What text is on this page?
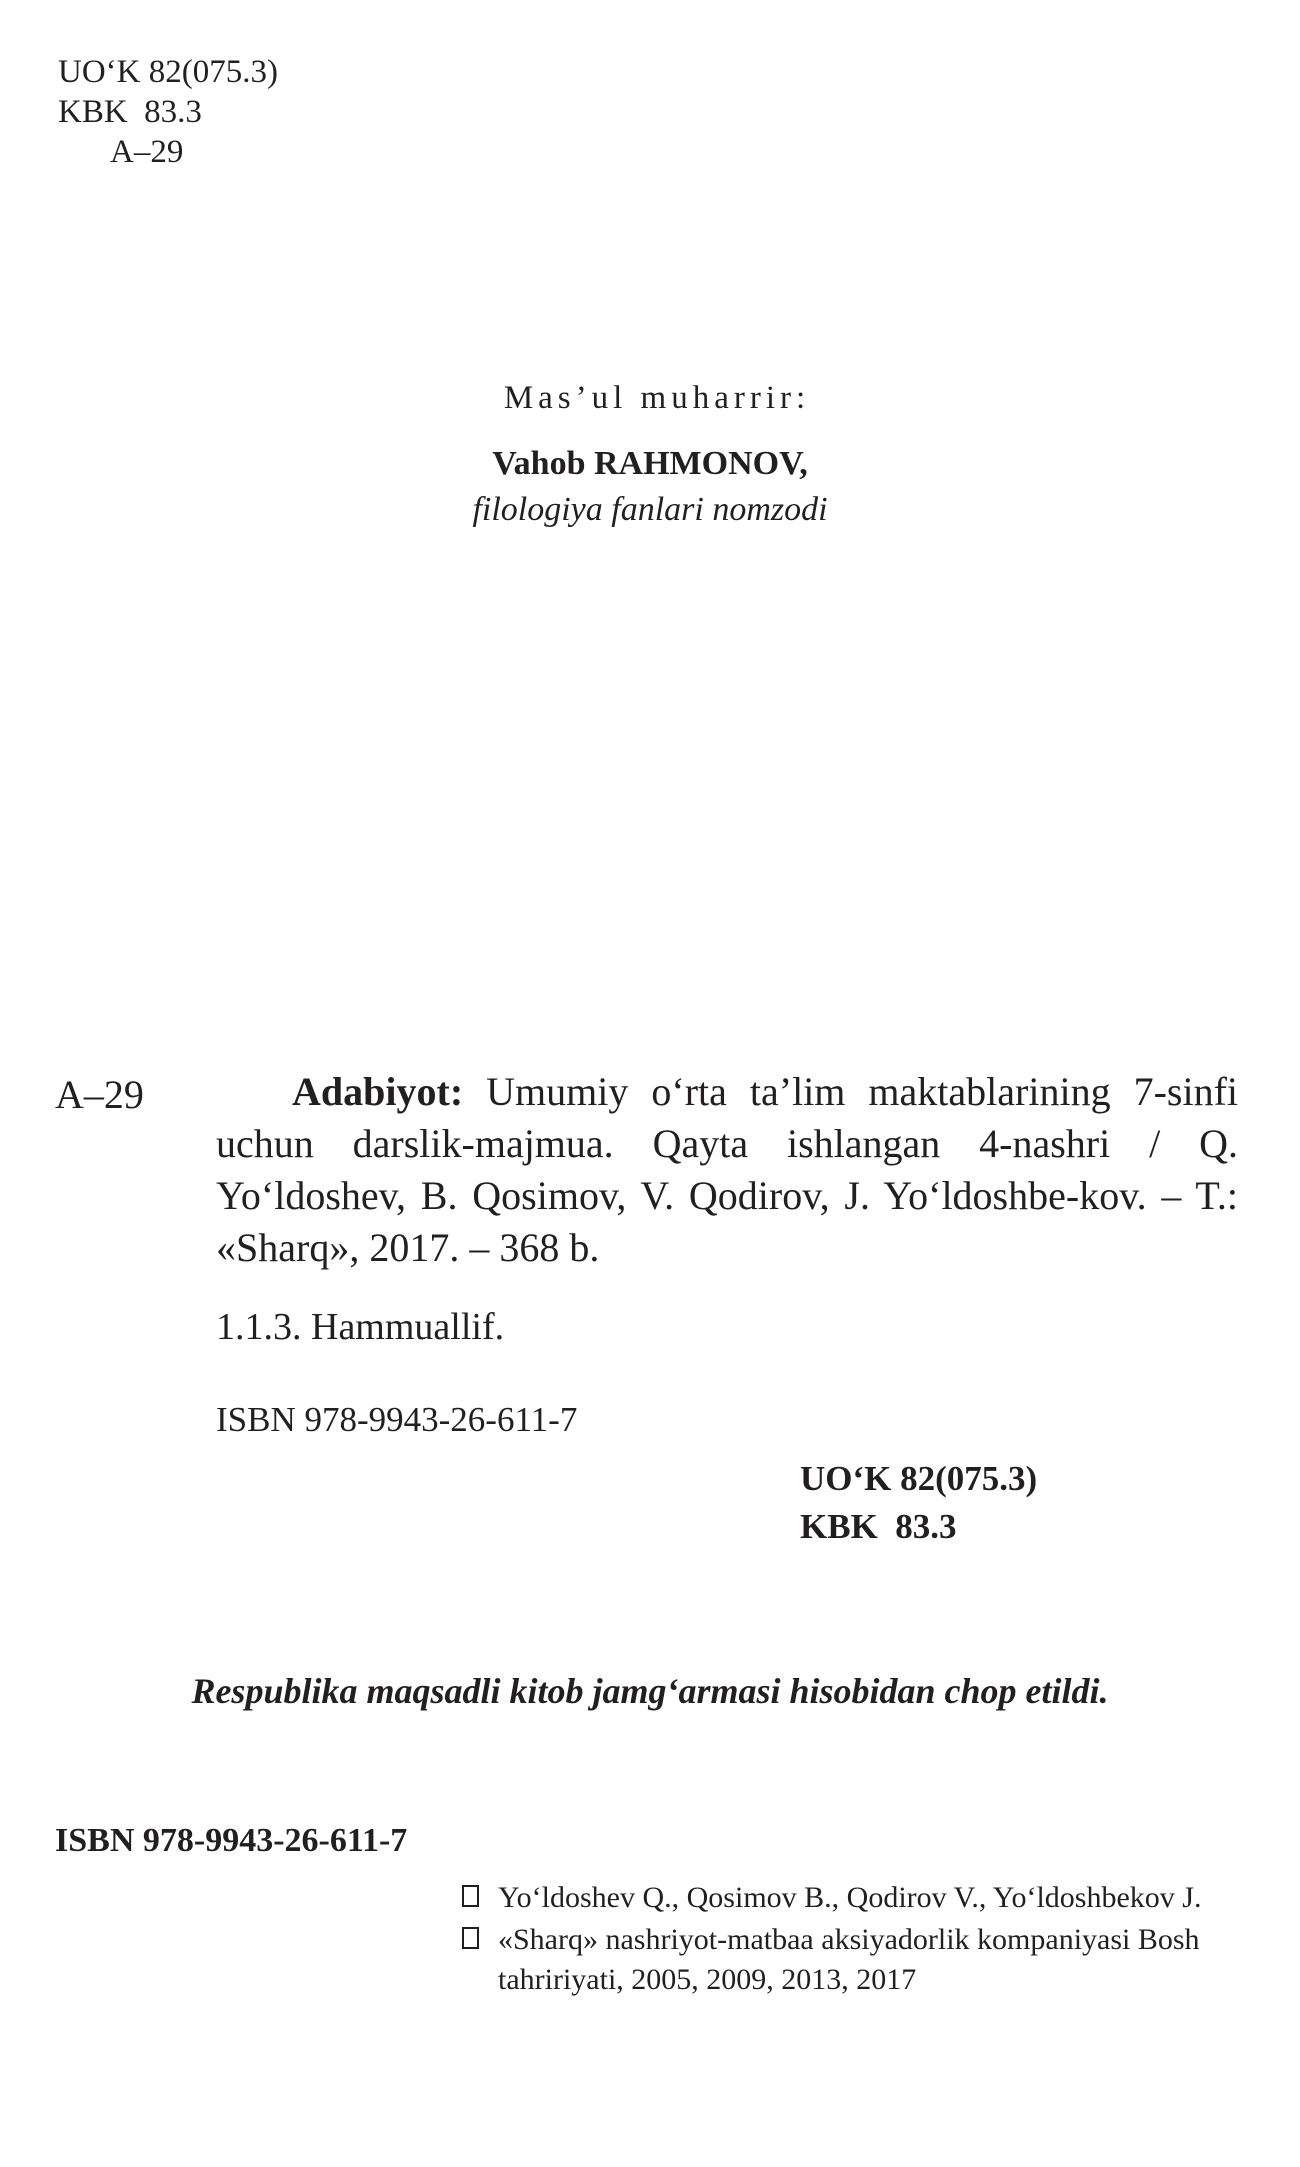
UO‘K 82(075.3)
KBK  83.3
A–29
Mas’ul muharrir:
Vahob RAHMONOV,
filologiya fanlari nomzodi
A–29	Adabiyot: Umumiy o‘rta ta’lim maktablarining 7-sinfi uchun darslik-majmua. Qayta ishlangan 4-nashri / Q. Yo‘ldoshev, B. Qosimov, V. Qodirov, J. Yo‘ldoshbe-kov. – T.: «Sharq», 2017. – 368 b.
1.1.3. Hammuallif.
ISBN 978-9943-26-611-7
UO‘K 82(075.3)
KBK  83.3
Respublika maqsadli kitob jamg‘armasi hisobidan chop etildi.
ISBN 978-9943-26-611-7
Yo‘ldoshev Q., Qosimov B., Qodirov V., Yo‘ldoshbekov J.
«Sharq» nashriyot-matbaa aksiyadorlik kompaniyasi Bosh tahririyati, 2005, 2009, 2013, 2017
